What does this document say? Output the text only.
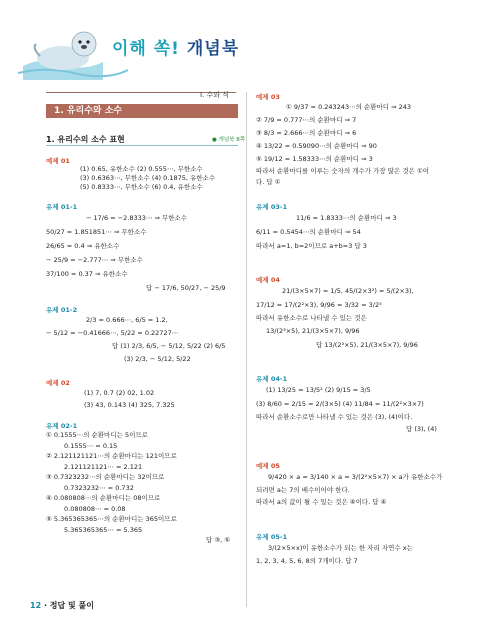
이해 쏙! 개념북
Ⅰ. 수와 식
1. 유리수와 소수
1. 유리수의 소수 표현	● 개념북 8쪽
예제 01
(1) 0.65, 유한소수 (2) 0.555⋯, 무한소수
(3) 0.6363⋯, 무한소수 (4) 0.1875, 유한소수
(5) 0.8333⋯, 무한소수 (6) 0.4, 유한소수
유제 01-1
− 17/6 = −2.8333⋯ ⇒ 무한소수
50/27 = 1.851851⋯ ⇒ 무한소수
26/65 = 0.4 ⇒ 유한소수
− 25/9 = −2.777⋯ ⇒ 무한소수
37/100 = 0.37 ⇒ 유한소수
답 − 17/6, 50/27, − 25/9
유제 01-2
2/3 = 0.666⋯, 6/5 = 1.2,
− 5/12 = −0.41666⋯, 5/22 = 0.22727⋯
답 (1) 2/3, 6/5, − 5/12, 5/22 (2) 6/5
(3) 2/3, − 5/12, 5/22
예제 02
(1) 7, 0.7̇ (2) 02, 1.0̇2̇
(3) 43, 0.14̇3̇ (4) 325, 7.3̇25̇
유제 02-1
① 0.1555⋯의 순환마디는 5이므로
0.1555⋯ = 0.15̇
② 2.121121121⋯의 순환마디는 121이므로
2.121121121⋯ = 2.1̇21̇
③ 0.7323232⋯의 순환마디는 32이므로
0.7323232⋯ = 0.73̇2̇
④ 0.080808⋯의 순환마디는 08이므로
0.080808⋯ = 0.0̇8̇
⑤ 5.365365365⋯의 순환마디는 365이므로
5.365365365⋯ = 5.3̇65̇
답 ③, ⑤
예제 03
① 9/37 = 0.243243⋯의 순환마디 ⇒ 243
② 7/9 = 0.777⋯의 순환마디 ⇒ 7
③ 8/3 = 2.666⋯의 순환마디 ⇒ 6
④ 13/22 = 0.59090⋯의 순환마디 ⇒ 90
⑤ 19/12 = 1.58333⋯의 순환마디 ⇒ 3
따라서 순환마디를 이루는 숫자의 개수가 가장 많은 것은 ①이
다. 답 ①
유제 03-1
11/6 = 1.8333⋯의 순환마디 ⇒ 3
6/11 = 0.5454⋯의 순환마디 ⇒ 54
따라서 a=1, b=2이므로 a+b=3 답 3
예제 04
21/(3×5×7) = 1/5, 45/(2×3²) = 5/(2×3),
17/12 = 17/(2²×3), 9/96 = 3/32 = 3/2⁵
따라서 유한소수로 나타낼 수 있는 것은
13/(2³×5), 21/(3×5×7), 9/96
답 13/(2³×5), 21/(3×5×7), 9/96
유제 04-1
(1) 13/25 = 13/5² (2) 9/15 = 3/5
(3) 8/60 = 2/15 = 2/(3×5) (4) 11/84 = 11/(2²×3×7)
따라서 순환소수로만 나타낼 수 있는 것은 (3), (4)이다.
답 (3), (4)
예제 05
9/420 × a = 3/140 × a = 3/(2²×5×7) × a가 유한소수가
되려면 a는 7의 배수이어야 한다.
따라서 a의 값이 될 수 있는 것은 ④이다. 답 ④
유제 05-1
3/(2×5×x)이 유한소수가 되는 한 자리 자연수 x는
1, 2, 3, 4, 5, 6, 8의 7개이다. 답 7
12 · 정답 및 풀이
